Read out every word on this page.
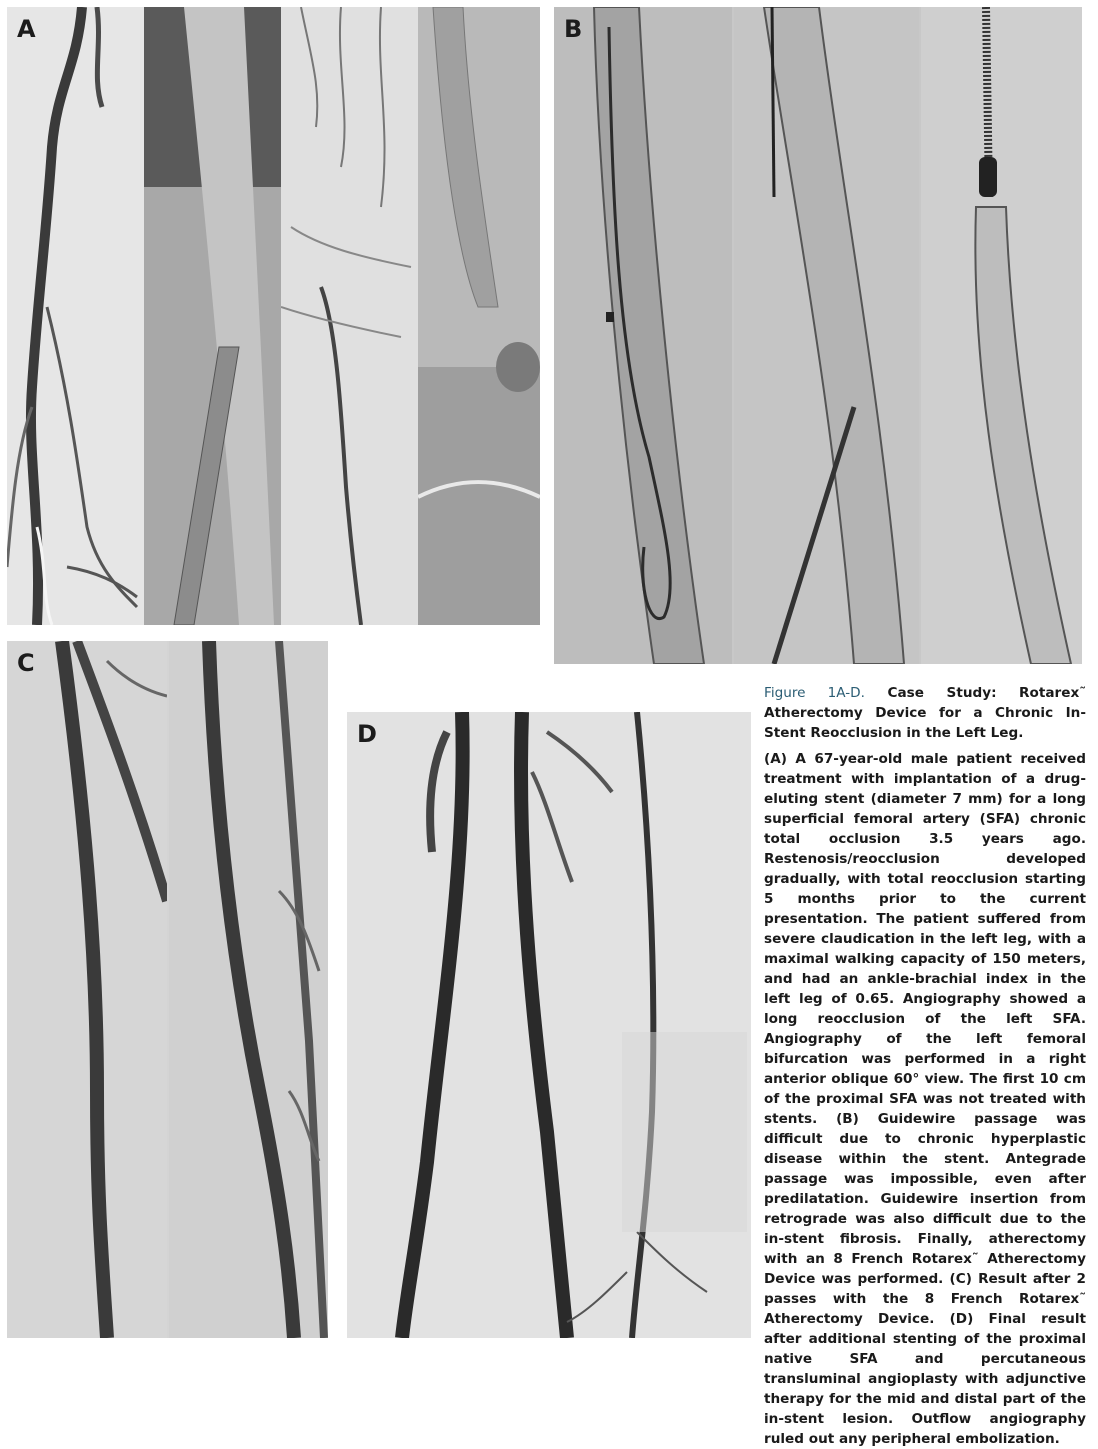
A	B
C
D

Figure 1A-D. Case Study: Rotarex˜ Atherectomy Device for a Chronic In-Stent Reocclusion in the Left Leg.

(A) A 67-year-old male patient received treatment with implantation of a drug-eluting stent (diameter 7 mm) for a long superficial femoral artery (SFA) chronic total occlusion 3.5 years ago. Restenosis/reocclusion developed gradually, with total reocclusion starting 5 months prior to the current presentation. The patient suffered from severe claudication in the left leg, with a maximal walking capacity of 150 meters, and had an ankle-brachial index in the left leg of 0.65. Angiography showed a long reocclusion of the left SFA. Angiography of the left femoral bifurcation was performed in a right anterior oblique 60° view. The first 10 cm of the proximal SFA was not treated with stents. (B) Guidewire passage was difficult due to chronic hyperplastic disease within the stent. Antegrade passage was impossible, even after predilatation. Guidewire insertion from retrograde was also difficult due to the in-stent fibrosis. Finally, atherectomy with an 8 French Rotarex˜ Atherectomy Device was performed. (C) Result after 2 passes with the 8 French Rotarex˜ Atherectomy Device. (D) Final result after additional stenting of the proximal native SFA and percutaneous transluminal angioplasty with adjunctive therapy for the mid and distal part of the in-stent lesion. Outflow angiography ruled out any peripheral embolization.
